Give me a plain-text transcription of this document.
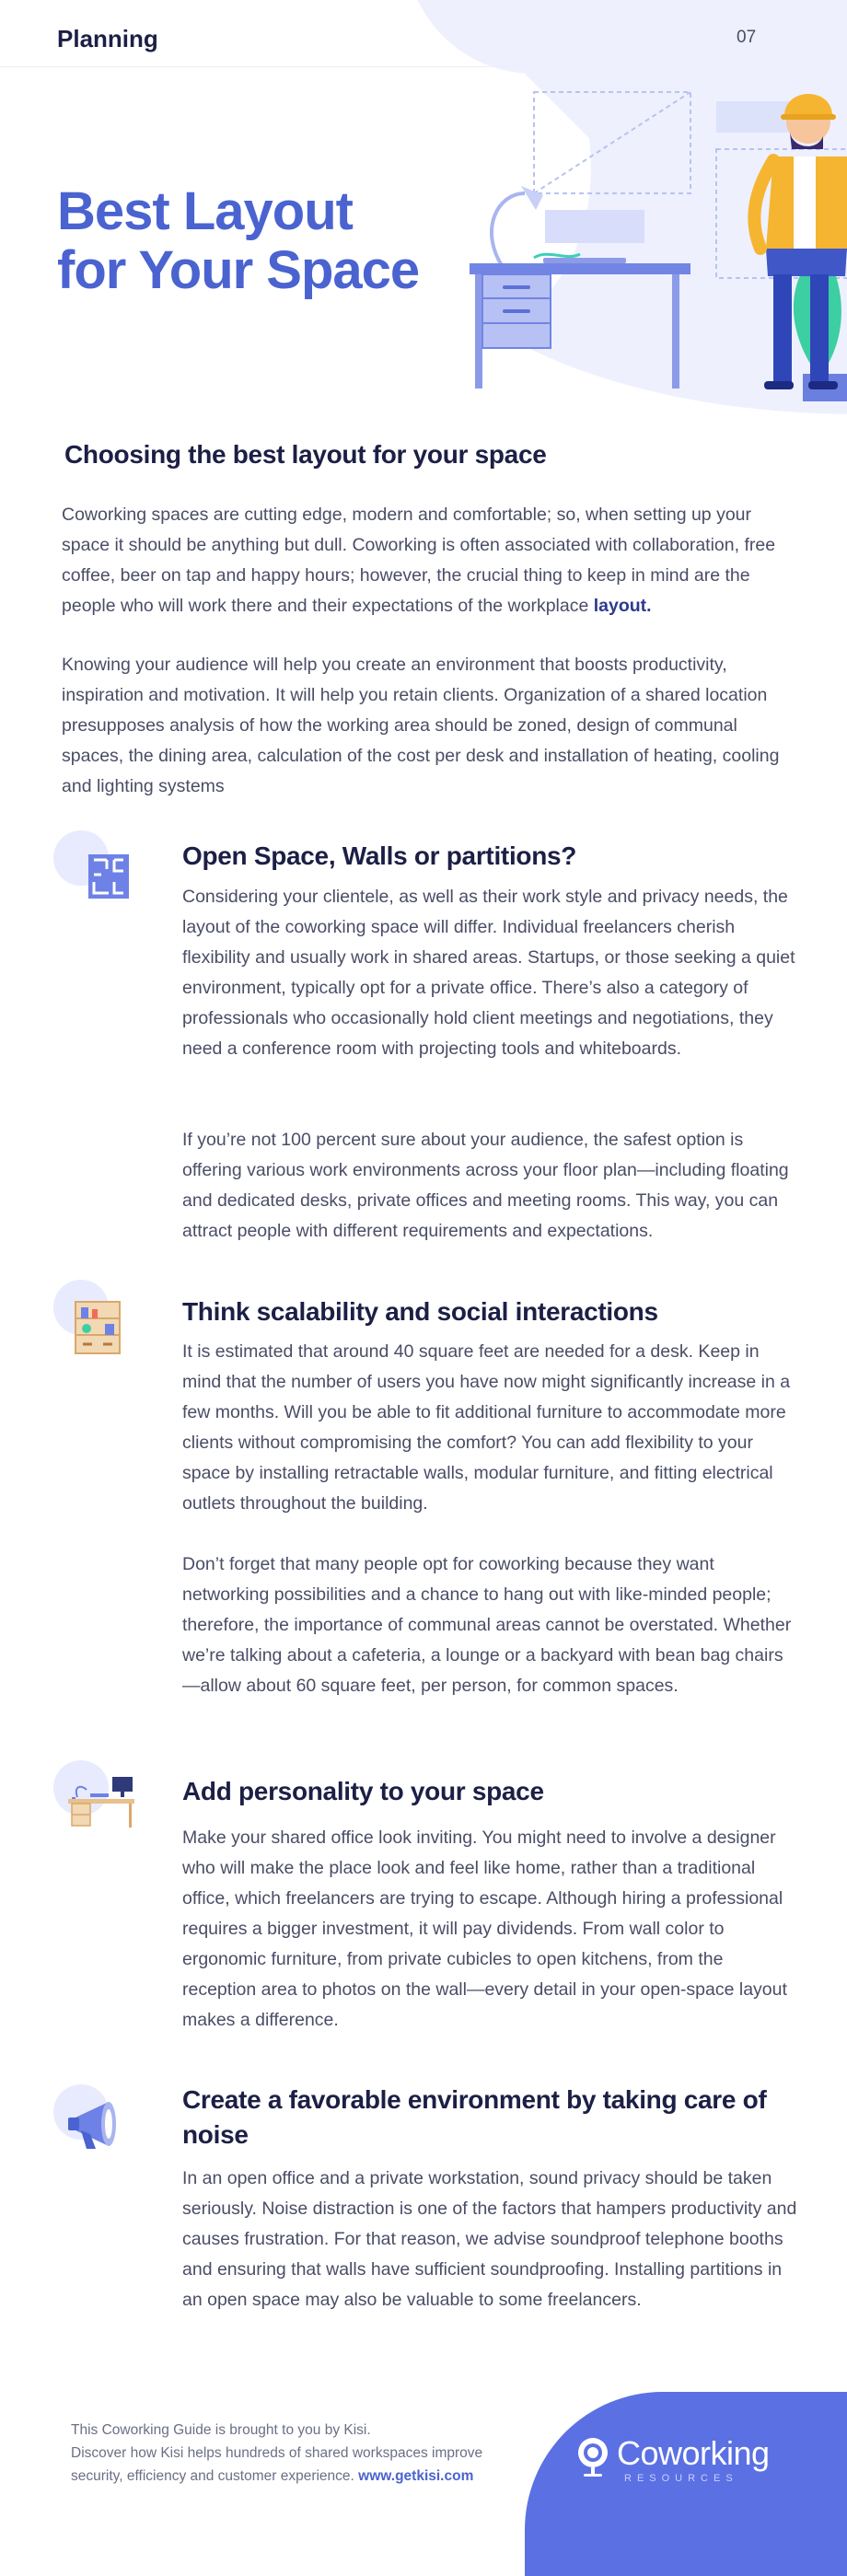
Planning	07
Best Layout
for Your Space
Choosing the best layout for your space

Coworking spaces are cutting edge, modern and comfortable; so, when setting up your space it should be anything but dull. Coworking is often associated with collaboration, free coffee, beer on tap and happy hours; however, the crucial thing to keep in mind are the people who will work there and their expectations of the workplace layout.

Knowing your audience will help you create an environment that boosts productivity, inspiration and motivation. It will help you retain clients. Organization of a shared location presupposes analysis of how the working area should be zoned, design of communal spaces, the dining area, calculation of the cost per desk and installation of heating, cooling and lighting systems

Open Space, Walls or partitions?

Considering your clientele, as well as their work style and privacy needs, the layout of the coworking space will differ. Individual freelancers cherish flexibility and usually work in shared areas. Startups, or those seeking a quiet environment, typically opt for a private office. There’s also a category of professionals who occasionally hold client meetings and negotiations, they need a conference room with projecting tools and whiteboards.

If you’re not 100 percent sure about your audience, the safest option is offering various work environments across your floor plan—including floating and dedicated desks, private offices and meeting rooms. This way, you can attract people with different requirements and expectations.

Think scalability and social interactions

It is estimated that around 40 square feet are needed for a desk. Keep in mind that the number of users you have now might significantly increase in a few months. Will you be able to fit additional furniture to accommodate more clients without compromising the comfort? You can add flexibility to your space by installing retractable walls, modular furniture, and fitting electrical outlets throughout the building.

Don’t forget that many people opt for coworking because they want networking possibilities and a chance to hang out with like-minded people; therefore, the importance of communal areas cannot be overstated. Whether we’re talking about a cafeteria, a lounge or a backyard with bean bag chairs—allow about 60 square feet, per person, for common spaces.

Add personality to your space

Make your shared office look inviting. You might need to involve a designer who will make the place look and feel like home, rather than a traditional office, which freelancers are trying to escape. Although hiring a professional requires a bigger investment, it will pay dividends. From wall color to ergonomic furniture, from private cubicles to open kitchens, from the reception area to photos on the wall—every detail in your open-space layout makes a difference.

Create a favorable environment by taking care of noise

In an open office and a private workstation, sound privacy should be taken seriously. Noise distraction is one of the factors that hampers productivity and causes frustration. For that reason, we advise soundproof telephone booths and ensuring that walls have sufficient soundproofing. Installing partitions in an open space may also be valuable to some freelancers.

This Coworking Guide is brought to you by Kisi.
Discover how Kisi helps hundreds of shared workspaces improve
security, efficiency and customer experience. www.getkisi.com
Coworking
RESOURCES
